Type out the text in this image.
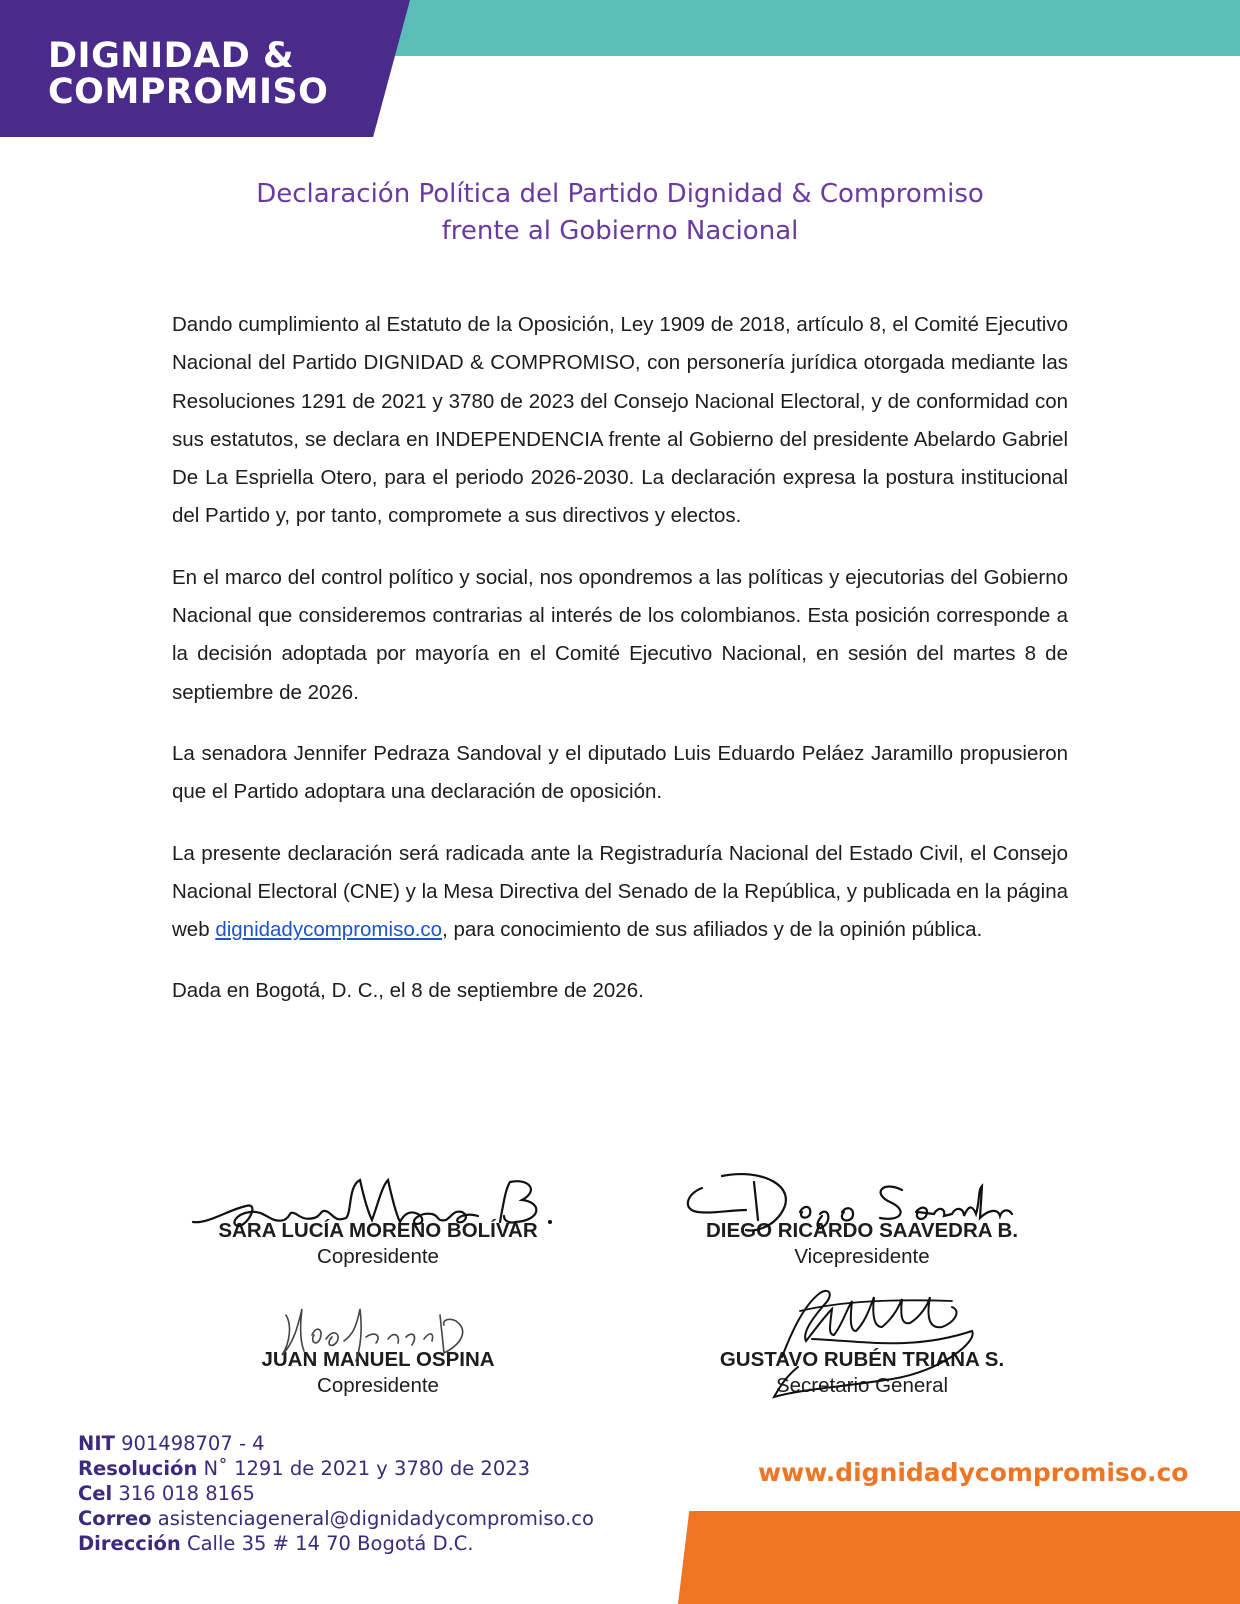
DIGNIDAD &
COMPROMISO
Declaración Política del Partido Dignidad & Compromiso
frente al Gobierno Nacional

Dando cumplimiento al Estatuto de la Oposición, Ley 1909 de 2018, artículo 8, el Comité Ejecutivo Nacional del Partido DIGNIDAD & COMPROMISO, con personería jurídica otorgada mediante las Resoluciones 1291 de 2021 y 3780 de 2023 del Consejo Nacional Electoral, y de conformidad con sus estatutos, se declara en INDEPENDENCIA frente al Gobierno del presidente Abelardo Gabriel De La Espriella Otero, para el periodo 2026-2030. La declaración expresa la postura institucional del Partido y, por tanto, compromete a sus directivos y electos.

En el marco del control político y social, nos opondremos a las políticas y ejecutorias del Gobierno Nacional que consideremos contrarias al interés de los colombianos. Esta posición corresponde a la decisión adoptada por mayoría en el Comité Ejecutivo Nacional, en sesión del martes 8 de septiembre de 2026.

La senadora Jennifer Pedraza Sandoval y el diputado Luis Eduardo Peláez Jaramillo propusieron que el Partido adoptara una declaración de oposición.

La presente declaración será radicada ante la Registraduría Nacional del Estado Civil, el Consejo Nacional Electoral (CNE) y la Mesa Directiva del Senado de la República, y publicada en la página web dignidadycompromiso.co, para conocimiento de sus afiliados y de la opinión pública.

Dada en Bogotá, D. C., el 8 de septiembre de 2026.

SARA LUCÍA MORENO BOLÍVAR
Copresidente
DIEGO RICARDO SAAVEDRA B.
Vicepresidente
JUAN MANUEL OSPINA
Copresidente
GUSTAVO RUBÉN TRIANA S.
Secretario General
NIT 901498707 - 4
Resolución N˚ 1291 de 2021 y 3780 de 2023
Cel 316 018 8165
Correo asistenciageneral@dignidadycompromiso.co
Dirección Calle 35 # 14 70 Bogotá D.C.
www.dignidadycompromiso.co
